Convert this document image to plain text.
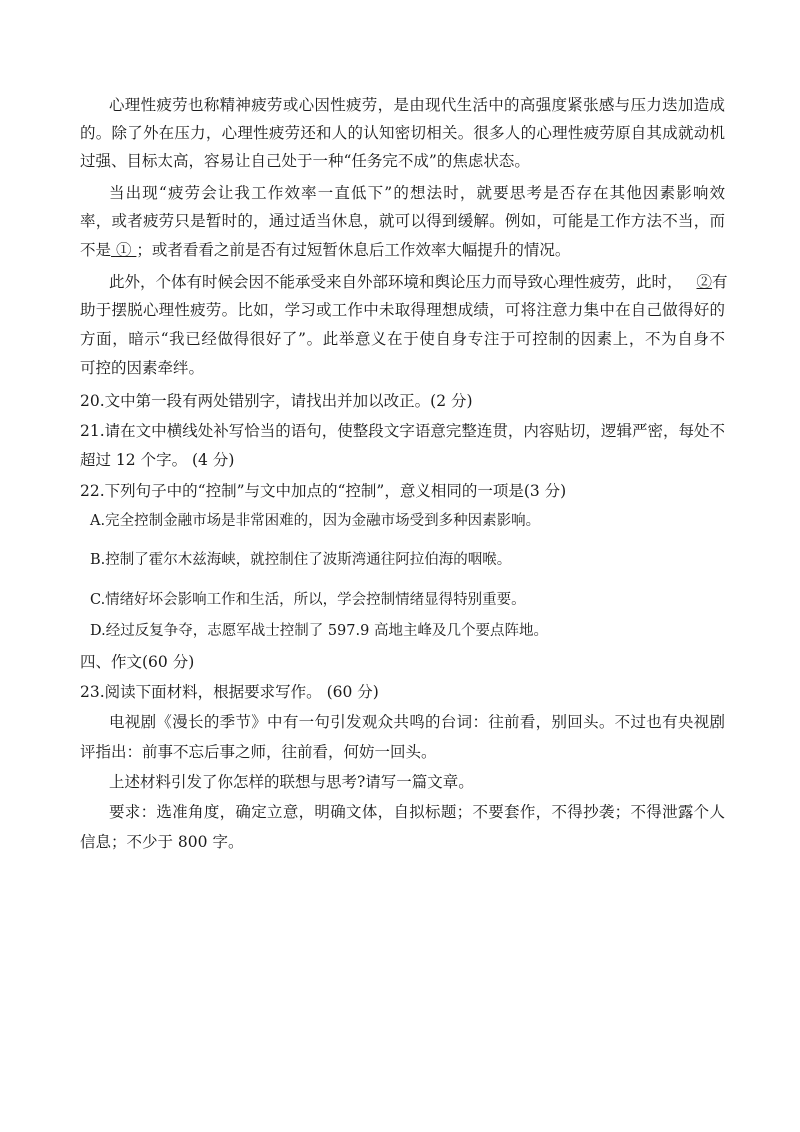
心理性疲劳也称精神疲劳或心因性疲劳，是由现代生活中的高强度紧张感与压力迭加造成
的。除了外在压力，心理性疲劳还和人的认知密切相关。很多人的心理性疲劳原自其成就动机
过强、目标太高，容易让自己处于一种“任务完不成”的焦虑状态。
当出现“疲劳会让我工作效率一直低下”的想法时，就要思考是否存在其他因素影响效
率，或者疲劳只是暂时的，通过适当休息，就可以得到缓解。例如，可能是工作方法不当，而
不是 ① ；或者看看之前是否有过短暂休息后工作效率大幅提升的情况。
此外，个体有时候会因不能承受来自外部环境和舆论压力而导致心理性疲劳，此时， ②有
助于摆脱心理性疲劳。比如，学习或工作中未取得理想成绩，可将注意力集中在自己做得好的
方面，暗示“我已经做得很好了”。此举意义在于使自身专注于可控制的因素上，不为自身不
可控的因素牵绊。
20.文中第一段有两处错别字，请找出并加以改正。(2 分)
21.请在文中横线处补写恰当的语句，使整段文字语意完整连贯，内容贴切，逻辑严密，每处不
超过 12 个字。 (4 分)
22.下列句子中的“控制”与文中加点的“控制”，意义相同的一项是(3 分)
A.完全控制金融市场是非常困难的，因为金融市场受到多种因素影响。
B.控制了霍尔木兹海峡，就控制住了波斯湾通往阿拉伯海的咽喉。
C.情绪好坏会影响工作和生活，所以，学会控制情绪显得特别重要。
D.经过反复争夺，志愿军战士控制了 597.9 高地主峰及几个要点阵地。
四、作文(60 分)
23.阅读下面材料，根据要求写作。 (60 分)
电视剧《漫长的季节》中有一句引发观众共鸣的台词：往前看，别回头。不过也有央视剧
评指出：前事不忘后事之师，往前看，何妨一回头。
上述材料引发了你怎样的联想与思考?请写一篇文章。
要求：选准角度，确定立意，明确文体，自拟标题；不要套作，不得抄袭；不得泄露个人
信息；不少于 800 字。
